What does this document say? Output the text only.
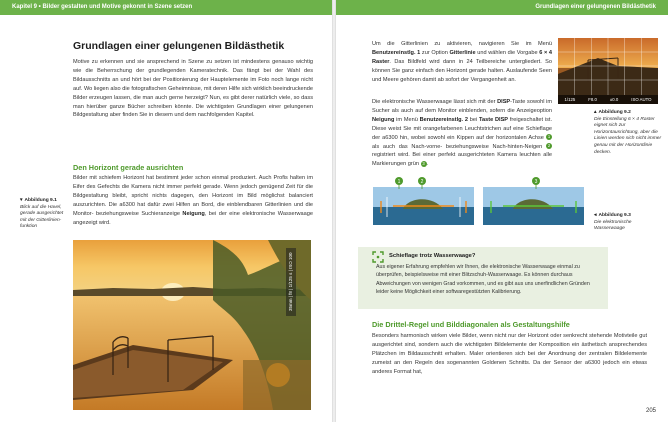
Kapitel 9 • Bilder gestalten und Motive gekonnt in Szene setzen
Grundlagen einer gelungenen Bildästhetik

Motive zu erkennen und sie ansprechend in Szene zu setzen ist mindestens genauso wichtig wie die Beherrschung der grundlegenden Kameratechnik. Das fängt bei der Wahl des Bildausschnitts an und hört bei der Positionierung der Hauptelemente im Foto noch lange nicht auf. Wo liegen also die fotografischen Geheimnisse, mit deren Hilfe sich wirklich beeindruckende Bilder erzeugen lassen, die man auch gerne herzeigt? Nun, es gibt derer natürlich viele, so dass man hierüber ganze Bücher schreiben könnte. Die wichtigsten Grundlagen einer gelungenen Bildgestaltung aber finden Sie in diesem und dem nachfolgenden Kapitel.

Den Horizont gerade ausrichten

Bilder mit schiefem Horizont hat bestimmt jeder schon einmal produziert. Auch Profis halten im Eifer des Gefechts die Kamera nicht immer perfekt gerade. Wenn jedoch genügend Zeit für die Bildgestaltung bleibt, spricht nichts dagegen, den Horizont im Bild möglichst balanciert auszurichten. Die a6300 hat dafür zwei Hilfen an Bord, die einblendbaren Gitterlinien und die Monitor- beziehungsweise Suchieranzeige Neigung, bei der eine elektronische Wasserwaage angezeigt wird.

▾ Abbildung 9.1
Blick auf die Havel, gerade ausgerichtet mit der Gitterlinien-funktion
35mm | f8 | 1/125 s | ISO 100
Grundlagen einer gelungenen Bildästhetik

Um die Gitterlinien zu aktivieren, navigieren Sie im Menü Benutzereinstlg. 1 zur Option Gitterlinie und wählen die Vorgabe 6 × 4 Raster. Das Bildfeld wird dann in 24 Teilbereiche untergliedert. So können Sie ganz einfach den Horizont gerade halten. Auslaufende Seen und Meere gehören damit ab sofort der Vergangenheit an.

1/125	F8.0	±0.0	ISO AUTO

Die elektronische Wasserwaage lässt sich mit der DISP-Taste sowohl im Sucher als auch auf dem Monitor einblenden, sofern die Anzeigeoption Neigung im Menü Benutzereinstlg. 2 bei Taste DISP freigeschaltet ist. Diese weist Sie mit orangefarbenen Leuchtstrichen auf eine Schieflage der a6300 hin, wobei sowohl ein Kippen auf der horizontalen Achse 1 als auch das Nach-vorne- beziehungsweise Nach-hinten-Neigen 2 registriert wird. Bei einer perfekt ausgerichteten Kamera leuchten alle Markierungen grün 3 .

▴ Abbildung 9.2
Die Einstellung 6 × 4 Raster eignet sich zur Horizontausrichtung, aber die Linien werden sich nicht immer genau mit der Horizontlinie decken.
1	2	3
◂ Abbildung 9.3
Die elektronische Wasserwaage
Schieflage trotz Wasserwaage?
Aus eigener Erfahrung empfehlen wir Ihnen, die elektronische Wasserwaage einmal zu überprüfen, beispielsweise mit einer Blitzschuh-Wasserwaage. Es können durchaus Abweichungen von wenigen Grad vorkommen, und es gibt aus uns unerfindlichen Gründen leider keine Möglichkeit einer softwaregestützten Kalibrierung.
Die Drittel-Regel und Bilddiagonalen als Gestaltungshilfe

Besonders harmonisch wirken viele Bilder, wenn nicht nur der Horizont oder senkrecht stehende Motivteile gut ausgerichtet sind, sondern auch die wichtigsten Bildelemente der Komposition ein ästhetisch ansprechendes Plätzchen im Bildausschnitt erhalten. Maler orientieren sich bei der Anordnung der zentralen Bildelemente zumeist an den Regeln des sogenannten Goldenen Schnitts. Da der Sensor der a6300 jedoch ein etwas anderes Format hat,

205
